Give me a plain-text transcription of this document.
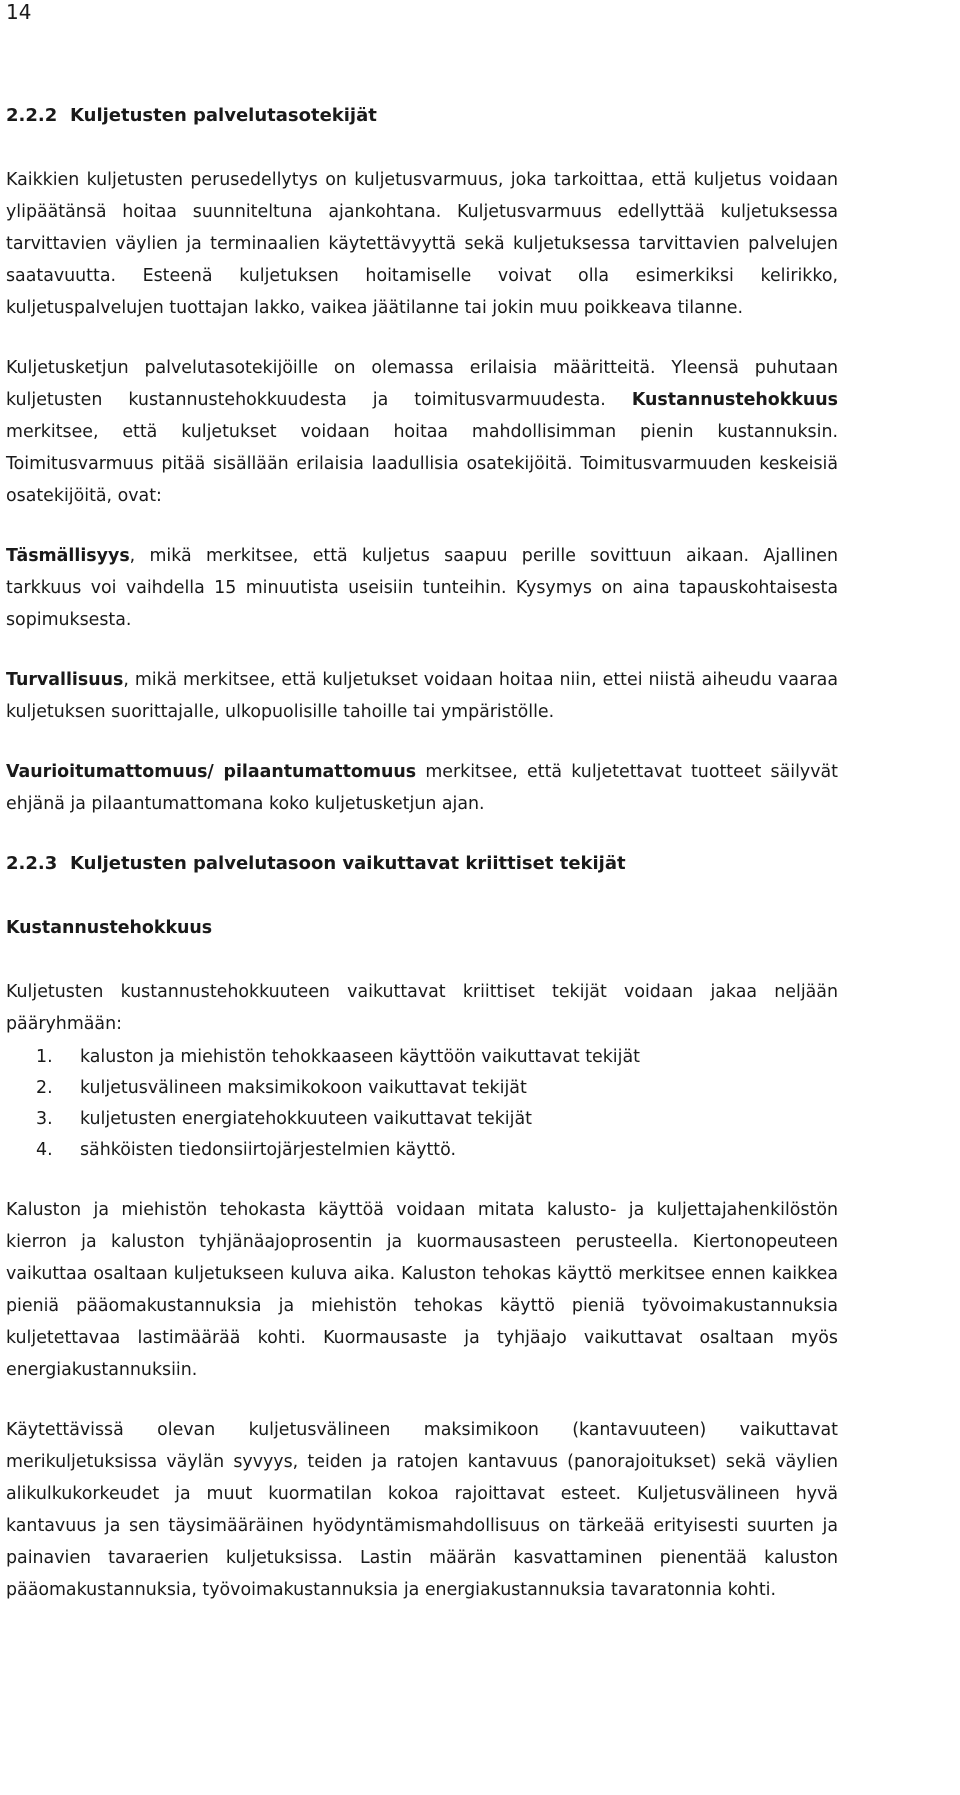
14
2.2.2 Kuljetusten palvelutasotekijät

Kaikkien kuljetusten perusedellytys on kuljetusvarmuus, joka tarkoittaa, että kuljetus voidaan ylipäätänsä hoitaa suunniteltuna ajankohtana. Kuljetusvarmuus edellyttää kuljetuksessa tarvittavien väylien ja terminaalien käytettävyyttä sekä kuljetuksessa tarvittavien palvelujen saatavuutta. Esteenä kuljetuksen hoitamiselle voivat olla esimerkiksi kelirikko, kuljetuspalvelujen tuottajan lakko, vaikea jäätilanne tai jokin muu poikkeava tilanne.

Kuljetusketjun palvelutasotekijöille on olemassa erilaisia määritteitä. Yleensä puhutaan kuljetusten kustannustehokkuudesta ja toimitusvarmuudesta. Kustannustehokkuus merkitsee, että kuljetukset voidaan hoitaa mahdollisimman pienin kustannuksin. Toimitusvarmuus pitää sisällään erilaisia laadullisia osatekijöitä. Toimitusvarmuuden keskeisiä osatekijöitä, ovat:

Täsmällisyys, mikä merkitsee, että kuljetus saapuu perille sovittuun aikaan. Ajallinen tarkkuus voi vaihdella 15 minuutista useisiin tunteihin. Kysymys on aina tapauskohtaisesta sopimuksesta.

Turvallisuus, mikä merkitsee, että kuljetukset voidaan hoitaa niin, ettei niistä aiheudu vaaraa kuljetuksen suorittajalle, ulkopuolisille tahoille tai ympäristölle.

Vaurioitumattomuus/ pilaantumattomuus merkitsee, että kuljetettavat tuotteet säilyvät ehjänä ja pilaantumattomana koko kuljetusketjun ajan.

2.2.3 Kuljetusten palvelutasoon vaikuttavat kriittiset tekijät
Kustannustehokkuus

Kuljetusten kustannustehokkuuteen vaikuttavat kriittiset tekijät voidaan jakaa neljään pääryhmään:

1. kaluston ja miehistön tehokkaaseen käyttöön vaikuttavat tekijät
2. kuljetusvälineen maksimikokoon vaikuttavat tekijät
3. kuljetusten energiatehokkuuteen vaikuttavat tekijät
4. sähköisten tiedonsiirtojärjestelmien käyttö.

Kaluston ja miehistön tehokasta käyttöä voidaan mitata kalusto- ja kuljettajahenkilöstön kierron ja kaluston tyhjänäajoprosentin ja kuormausasteen perusteella. Kiertonopeuteen vaikuttaa osaltaan kuljetukseen kuluva aika. Kaluston tehokas käyttö merkitsee ennen kaikkea pieniä pääomakustannuksia ja miehistön tehokas käyttö pieniä työvoimakustannuksia kuljetettavaa lastimäärää kohti. Kuormausaste ja tyhjäajo vaikuttavat osaltaan myös energiakustannuksiin.

Käytettävissä olevan kuljetusvälineen maksimikoon (kantavuuteen) vaikuttavat merikuljetuksissa väylän syvyys, teiden ja ratojen kantavuus (panorajoitukset) sekä väylien alikulkukorkeudet ja muut kuormatilan kokoa rajoittavat esteet. Kuljetusvälineen hyvä kantavuus ja sen täysimääräinen hyödyntämismahdollisuus on tärkeää erityisesti suurten ja painavien tavaraerien kuljetuksissa. Lastin määrän kasvattaminen pienentää kaluston pääomakustannuksia, työvoimakustannuksia ja energiakustannuksia tavaratonnia kohti.
